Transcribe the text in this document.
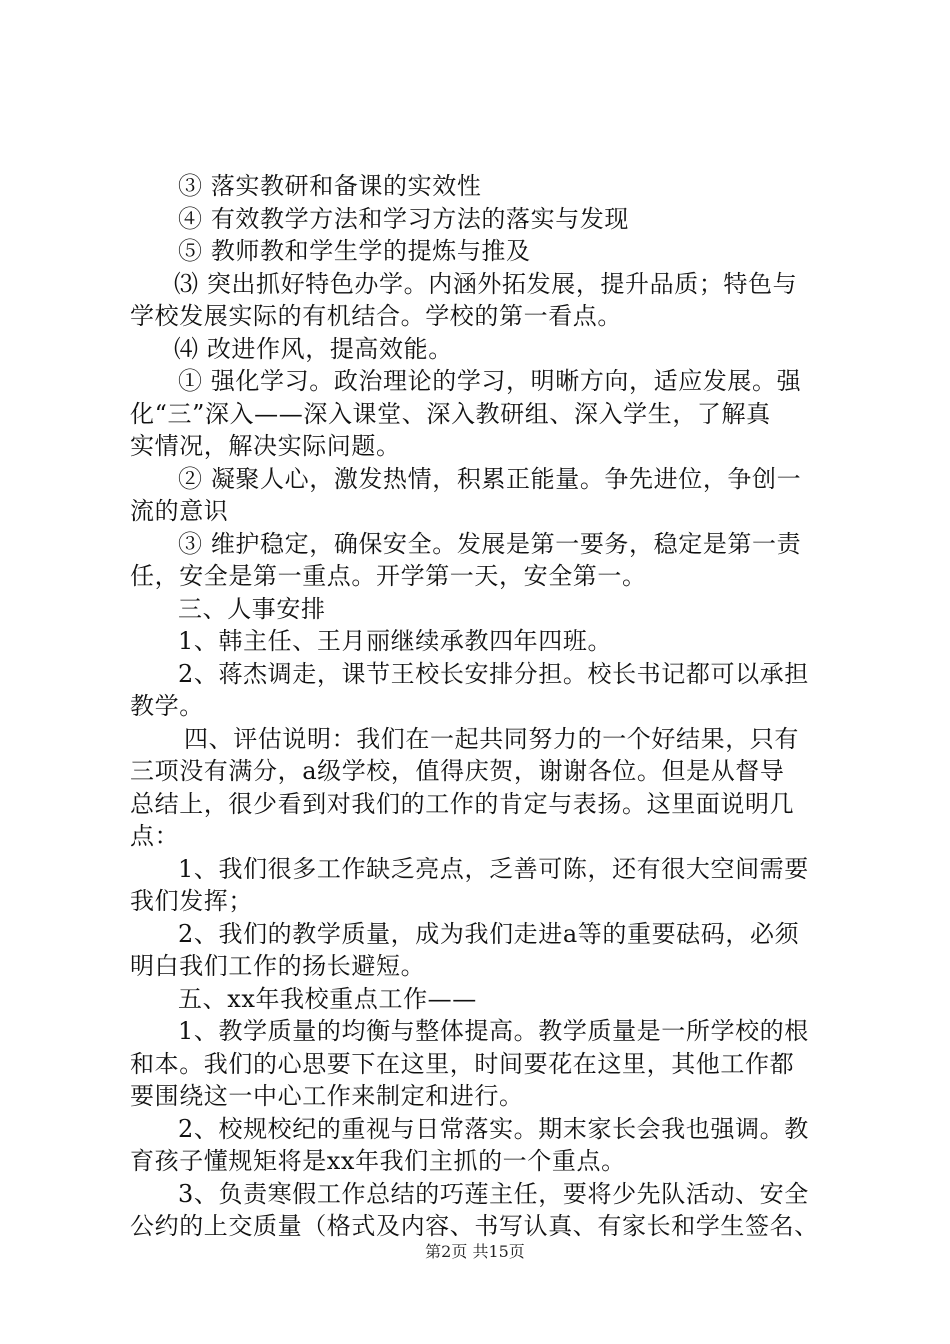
③ 落实教研和备课的实效性
④ 有效教学方法和学习方法的落实与发现
⑤ 教师教和学生学的提炼与推及
⑶ 突出抓好特色办学。内涵外拓发展，提升品质；特色与
学校发展实际的有机结合。学校的第一看点。
⑷ 改进作风，提高效能。
① 强化学习。政治理论的学习，明晰方向，适应发展。强
化“三”深入——深入课堂、深入教研组、深入学生，了解真
实情况，解决实际问题。
② 凝聚人心，激发热情，积累正能量。争先进位，争创一
流的意识
③ 维护稳定，确保安全。发展是第一要务，稳定是第一责
任，安全是第一重点。开学第一天，安全第一。
三、人事安排
1、韩主任、王月丽继续承教四年四班。
2、蒋杰调走，课节王校长安排分担。校长书记都可以承担
教学。
四、评估说明：我们在一起共同努力的一个好结果，只有
三项没有满分，a级学校，值得庆贺，谢谢各位。但是从督导
总结上，很少看到对我们的工作的肯定与表扬。这里面说明几
点：
1、我们很多工作缺乏亮点，乏善可陈，还有很大空间需要
我们发挥；
2、我们的教学质量，成为我们走进a等的重要砝码，必须
明白我们工作的扬长避短。
五、xx年我校重点工作——
1、教学质量的均衡与整体提高。教学质量是一所学校的根
和本。我们的心思要下在这里，时间要花在这里，其他工作都
要围绕这一中心工作来制定和进行。
2、校规校纪的重视与日常落实。期末家长会我也强调。教
育孩子懂规矩将是xx年我们主抓的一个重点。
3、负责寒假工作总结的巧莲主任，要将少先队活动、安全
公约的上交质量（格式及内容、书写认真、有家长和学生签名、
第2页 共15页
